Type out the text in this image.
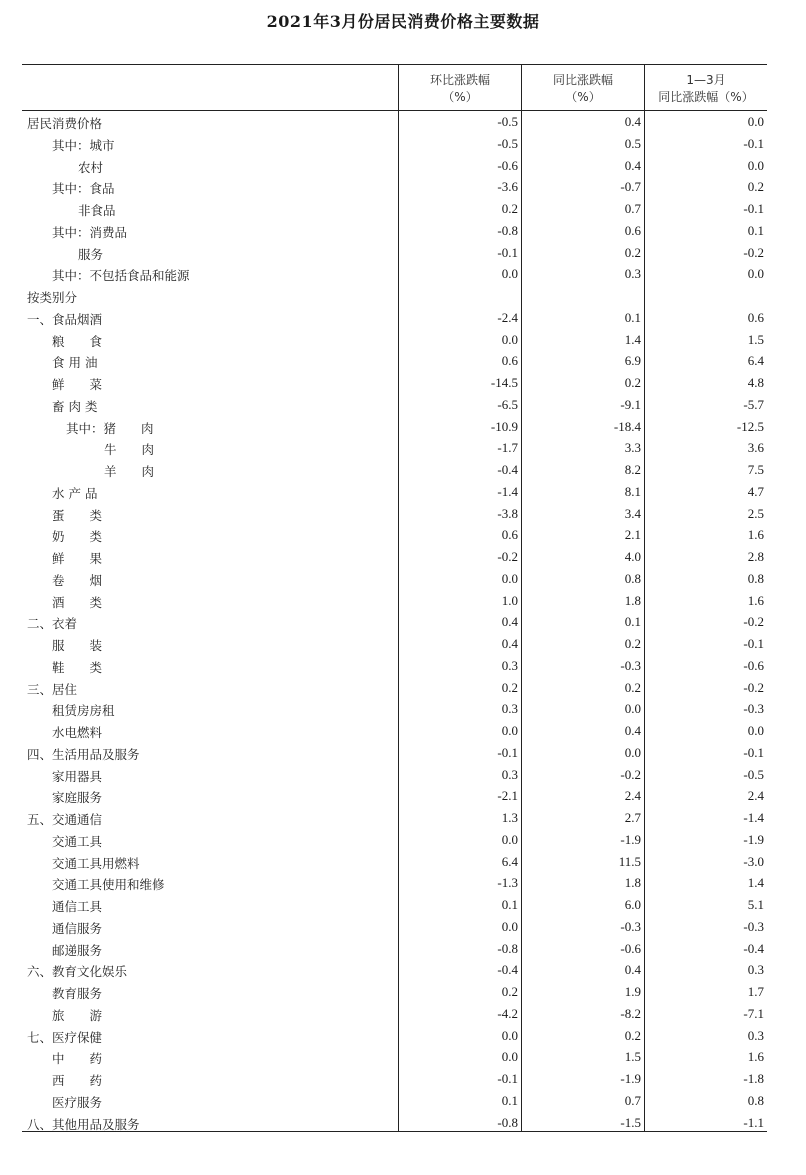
2021年3月份居民消费价格主要数据
环比涨跌幅
（%）
同比涨跌幅
（%）
1—3月
同比涨跌幅（%）
居民消费价格	-0.5	0.4	0.0
其中：城市	-0.5	0.5	-0.1
农村	-0.6	0.4	0.0
其中：食品	-3.6	-0.7	0.2
非食品	0.2	0.7	-0.1
其中：消费品	-0.8	0.6	0.1
服务	-0.1	0.2	-0.2
其中：不包括食品和能源	0.0	0.3	0.0
按类别分
一、食品烟酒	-2.4	0.1	0.6
粮　　食	0.0	1.4	1.5
食 用 油	0.6	6.9	6.4
鲜　　菜	-14.5	0.2	4.8
畜 肉 类	-6.5	-9.1	-5.7
其中：猪　　肉	-10.9	-18.4	-12.5
牛　　肉	-1.7	3.3	3.6
羊　　肉	-0.4	8.2	7.5
水 产 品	-1.4	8.1	4.7
蛋　　类	-3.8	3.4	2.5
奶　　类	0.6	2.1	1.6
鲜　　果	-0.2	4.0	2.8
卷　　烟	0.0	0.8	0.8
酒　　类	1.0	1.8	1.6
二、衣着	0.4	0.1	-0.2
服　　装	0.4	0.2	-0.1
鞋　　类	0.3	-0.3	-0.6
三、居住	0.2	0.2	-0.2
租赁房房租	0.3	0.0	-0.3
水电燃料	0.0	0.4	0.0
四、生活用品及服务	-0.1	0.0	-0.1
家用器具	0.3	-0.2	-0.5
家庭服务	-2.1	2.4	2.4
五、交通通信	1.3	2.7	-1.4
交通工具	0.0	-1.9	-1.9
交通工具用燃料	6.4	11.5	-3.0
交通工具使用和维修	-1.3	1.8	1.4
通信工具	0.1	6.0	5.1
通信服务	0.0	-0.3	-0.3
邮递服务	-0.8	-0.6	-0.4
六、教育文化娱乐	-0.4	0.4	0.3
教育服务	0.2	1.9	1.7
旅　　游	-4.2	-8.2	-7.1
七、医疗保健	0.0	0.2	0.3
中　　药	0.0	1.5	1.6
西　　药	-0.1	-1.9	-1.8
医疗服务	0.1	0.7	0.8
八、其他用品及服务	-0.8	-1.5	-1.1
